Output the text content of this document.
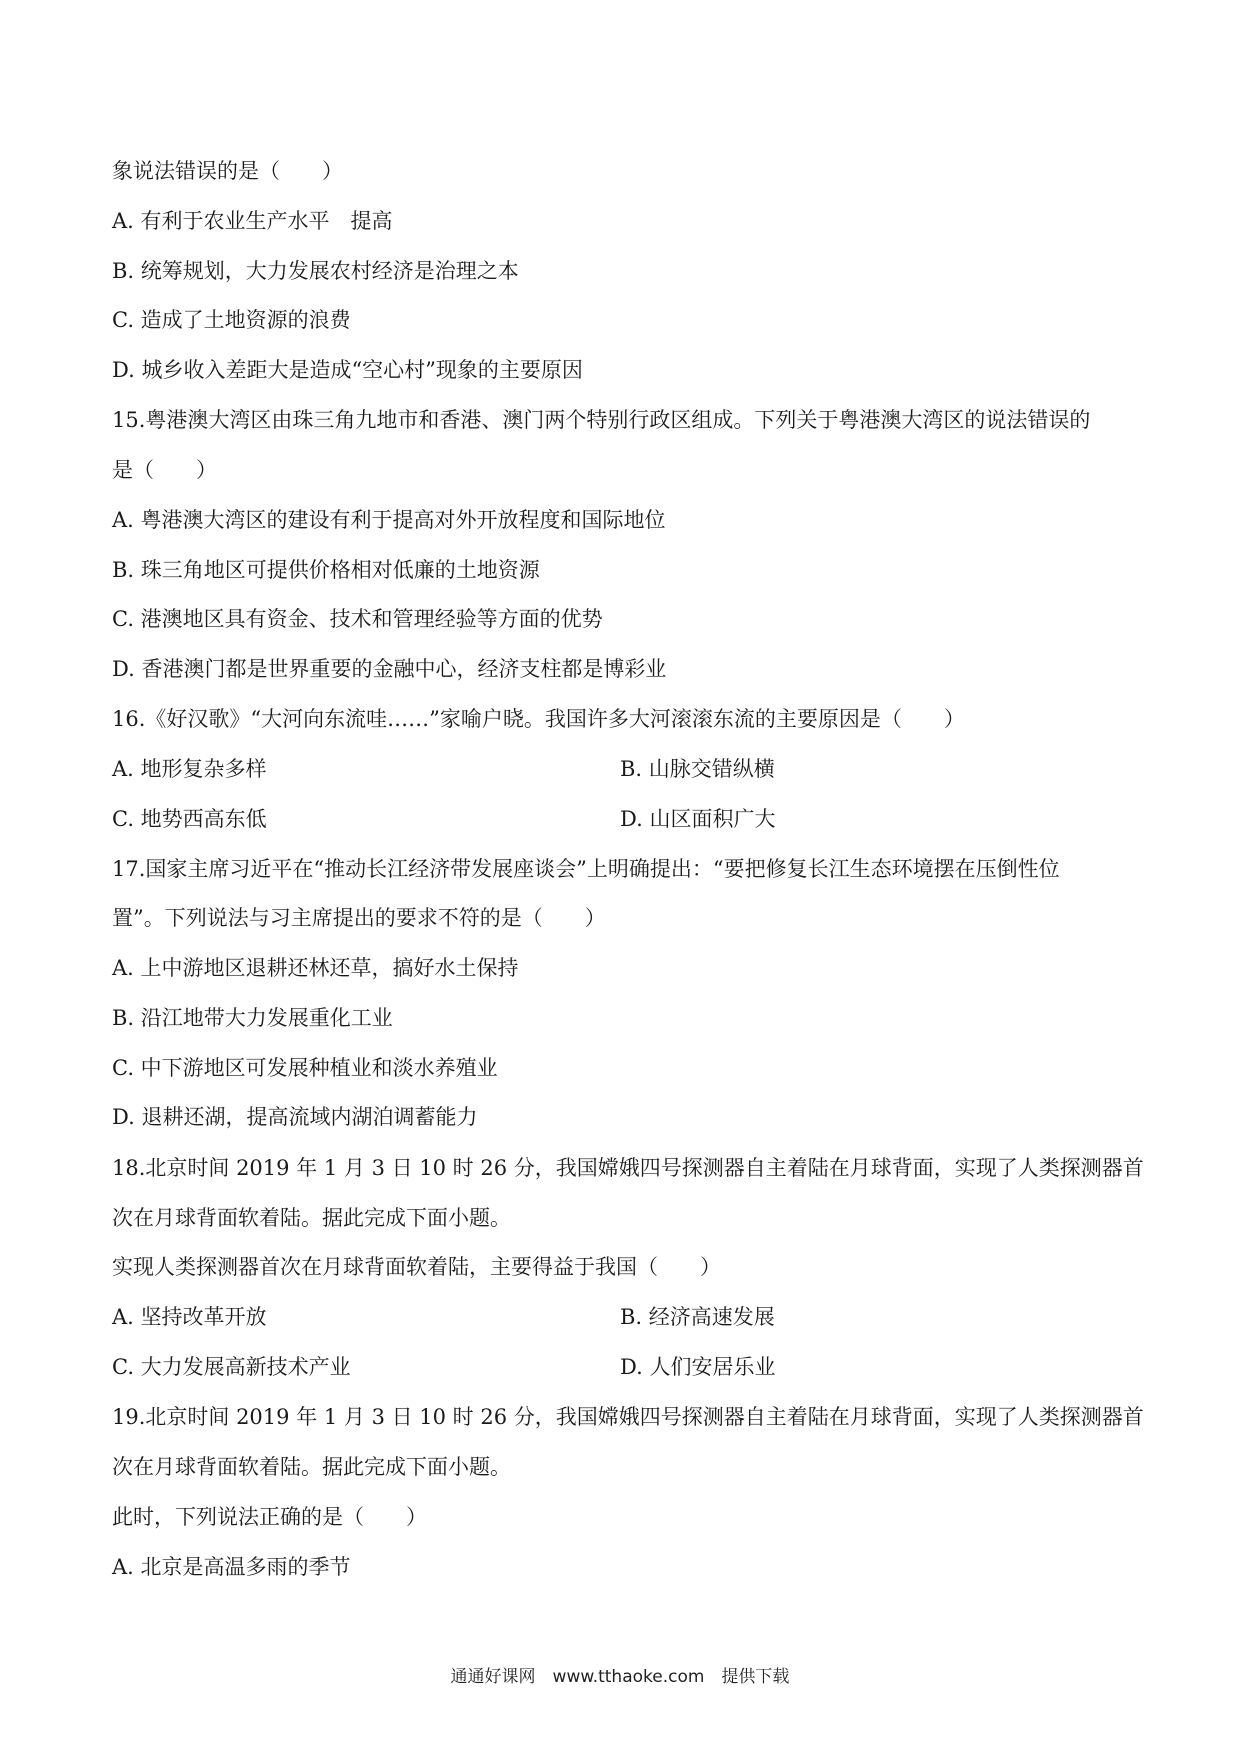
象说法错误的是（　　）
A. 有利于农业生产水平　提高
B. 统筹规划，大力发展农村经济是治理之本
C. 造成了土地资源的浪费
D. 城乡收入差距大是造成“空心村”现象的主要原因
15.粤港澳大湾区由珠三角九地市和香港、澳门两个特别行政区组成。下列关于粤港澳大湾区的说法错误的
是（　　）
A. 粤港澳大湾区的建设有利于提高对外开放程度和国际地位
B. 珠三角地区可提供价格相对低廉的土地资源
C. 港澳地区具有资金、技术和管理经验等方面的优势
D. 香港澳门都是世界重要的金融中心，经济支柱都是博彩业
16.《好汉歌》“大河向东流哇……”家喻户晓。我国许多大河滚滚东流的主要原因是（　　）
A. 地形复杂多样	B. 山脉交错纵横
C. 地势西高东低	D. 山区面积广大
17.国家主席习近平在“推动长江经济带发展座谈会”上明确提出：“要把修复长江生态环境摆在压倒性位
置”。下列说法与习主席提出的要求不符的是（　　）
A. 上中游地区退耕还林还草，搞好水土保持
B. 沿江地带大力发展重化工业
C. 中下游地区可发展种植业和淡水养殖业
D. 退耕还湖，提高流域内湖泊调蓄能力
18.北京时间 2019 年 1 月 3 日 10 时 26 分，我国嫦娥四号探测器自主着陆在月球背面，实现了人类探测器首
次在月球背面软着陆。据此完成下面小题。
实现人类探测器首次在月球背面软着陆，主要得益于我国（　　）
A. 坚持改革开放	B. 经济高速发展
C. 大力发展高新技术产业	D. 人们安居乐业
19.北京时间 2019 年 1 月 3 日 10 时 26 分，我国嫦娥四号探测器自主着陆在月球背面，实现了人类探测器首
次在月球背面软着陆。据此完成下面小题。
此时，下列说法正确的是（　　）
A. 北京是高温多雨的季节
通通好课网　www.tthaoke.com　提供下载
